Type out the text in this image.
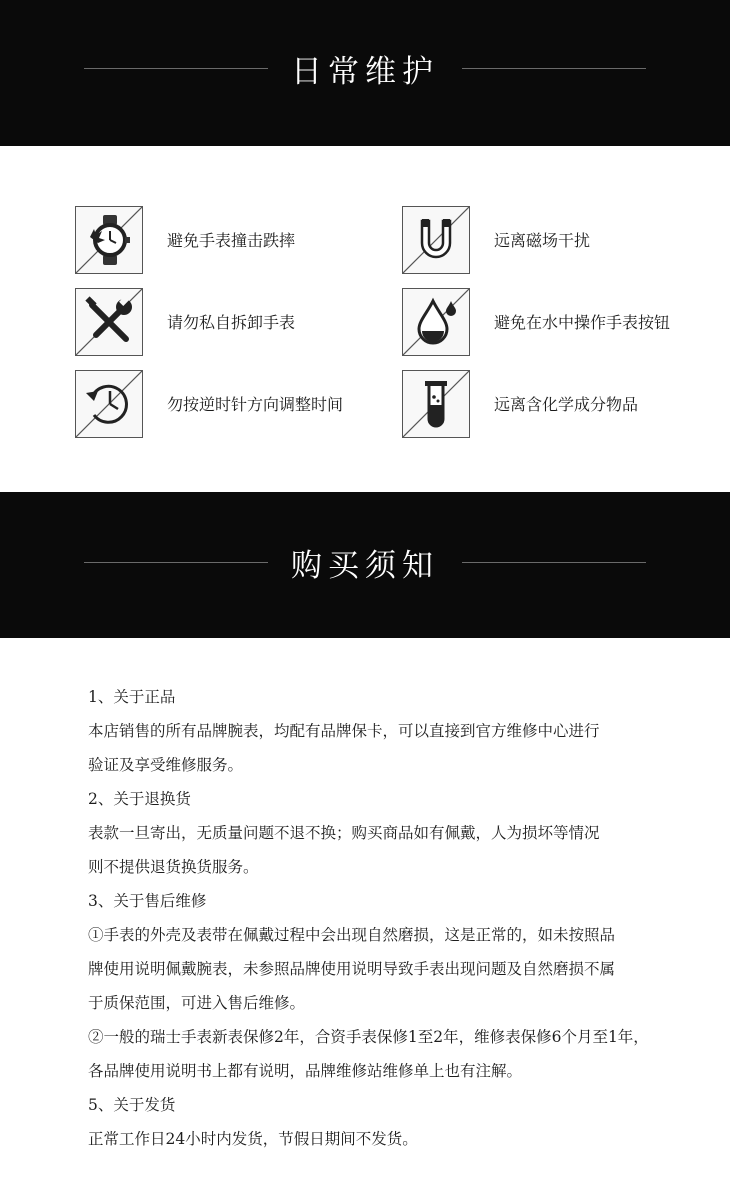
日常维护
避免手表撞击跌摔	远离磁场干扰
请勿私自拆卸手表	避免在水中操作手表按钮
勿按逆时针方向调整时间	远离含化学成分物品
购买须知
1、关于正品
本店销售的所有品牌腕表，均配有品牌保卡，可以直接到官方维修中心进行
验证及享受维修服务。
2、关于退换货
表款一旦寄出，无质量问题不退不换；购买商品如有佩戴，人为损坏等情况
则不提供退货换货服务。
3、关于售后维修
①手表的外壳及表带在佩戴过程中会出现自然磨损，这是正常的，如未按照品
牌使用说明佩戴腕表，未参照品牌使用说明导致手表出现问题及自然磨损不属
于质保范围，可进入售后维修。
②一般的瑞士手表新表保修2年，合资手表保修1至2年，维修表保修6个月至1年，
各品牌使用说明书上都有说明，品牌维修站维修单上也有注解。
5、关于发货
正常工作日24小时内发货，节假日期间不发货。
